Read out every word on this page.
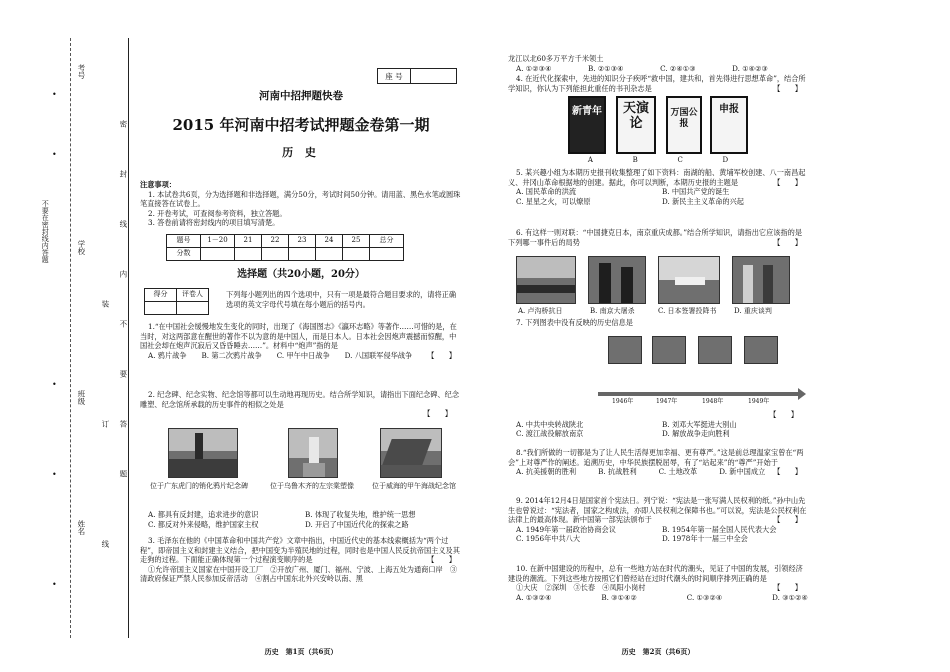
考号
学校
班级
姓名
不要在密封线内答题
密
封
线
内
不
要
答
题
装
订
线
•
•
•
•
•
座 号
河南中招押题快卷
2015 年河南中招考试押题金卷第一期
历 史
注意事项：

1. 本试卷共6页，分为选择题和非选择题，满分50分，考试时间50分钟。请用蓝、黑色水笔或圆珠笔直接答在试卷上。

2. 开卷考试，可查阅参考资料，独立答题。

3. 答卷前请将密封线内的项目填写清楚。

题号	1－20	21	22	23	24	25	总分
分数							
选择题（共20小题，20分）
得分	评卷人
		下列每小题列出的四个选项中，只有一项是最符合题目要求的，请将正确选项的英文字母代号填在每小题后的括号内。

1.“在中国社会缓慢地发生变化的同时，出现了《海国图志》《瀛环志略》等著作……可惜的是，在当时，对这两部意在醒世的著作不以为意的是中国人，而是日本人。日本社会因炮声震撼而惊醒，中国社会却在炮声沉寂后又昏昏睡去……”。材料中“炮声”指的是

A. 鸦片战争 B. 第二次鸦片战争 C. 甲午中日战争 D. 八国联军侵华战争 【　　】

2. 纪念碑、纪念实物、纪念馆等都可以生动地再现历史。结合所学知识，请指出下面纪念碑、纪念雕塑、纪念馆所承载的历史事件的相似之处是

【　　】
位于广东虎门的销化鸦片纪念碑	位于乌鲁木齐的左宗棠塑像	位于威海的甲午海战纪念馆
A. 都具有反封建，追求进步的意识	B. 体现了收复失地，维护统一思想
C. 都反对外来侵略，维护国家主权	D. 开启了中国近代化的探索之路

3. 毛泽东在他的《中国革命和中国共产党》文章中指出，中国近代史的基本线索概括为“两个过程”，即帝国主义和封建主义结合，把中国变为半殖民地的过程，同时也是中国人民反抗帝国主义及其走狗的过程。下面能正确体现第一个过程演变顺序的是	【　　】

①允许帝国主义国家在中国开设工厂　②开放广州、厦门、福州、宁波、上海五处为通商口岸　③清政府保证严禁人民参加反帝活动　④割占中国东北外兴安岭以南、黑

历史　第1页（共6页）
龙江以北60多万平方千米领土
A. ①②③④	B. ②①③④	C. ②④①③	D. ①④②③

4. 在近代化探索中，先进的知识分子疾呼“救中国，建共和，首先得进行思想革命”，结合所学知识，你认为下列能担此重任的书刊杂志是	【　　】

新青年	天演论
万国公报
申报
A	B	C	D

5. 某兴趣小组为本期历史报刊收集整理了如下资料：南湖的船、黄埔军校创建、八一南昌起义、井冈山革命根据地的创建。据此，你可以判断，本期历史报的主题是	【　　】

A. 国民革命的洪流	B. 中国共产党的诞生
C. 星星之火，可以燎原	D. 新民主主义革命的兴起

6. 有这样一则对联：“中国捷克日本，南京重庆成都。”结合所学知识，请指出它应该指的是下列哪一事件后的局势	【　　】

A. 卢沟桥抗日	B. 南京大屠杀	C. 日本签署投降书 D. 重庆谈判

7. 下列图表中没有反映的历史信息是

1946年	1947年	1948年	1949年
【　　】
A. 中共中央转战陕北	B. 刘邓大军挺进大别山
C. 渡江战役解放南京	D. 解放战争走向胜利

8.“我们所做的一切都是为了让人民生活得更加幸福、更有尊严。”这是前总理温家宝曾在“两会”上对尊严作的阐述。追溯历史，中华民族摆脱屈辱，有了“站起来”的“尊严”开始于
【　　】

A. 抗美援朝的胜利	B. 抗战胜利	C. 土地改革	D. 新中国成立

9. 2014年12月4日是国家首个宪法日。列宁说：“宪法是一张写满人民权利的纸。”孙中山先生也曾说过：“宪法者，国家之构成法，亦即人民权利之保障书也。”可以说，宪法是公民权利在法律上的最高体现。新中国第一部宪法颁布于	【　　】

A. 1949年第一届政治协商会议	B. 1954年第一届全国人民代表大会
C. 1956年中共八大	D. 1978年十一届三中全会

10. 在新中国建设的历程中，总有一些地方站在时代的潮头，见证了中国的发展，引领经济建设的潮流。下列这些地方按照它们曾经站在过时代潮头的时间顺序排列正确的是
【　　】

①大庆　②深圳　③长春　④凤阳小岗村

A. ①③②④	B. ③①④②	C. ①③②④	D. ③①②④
历史　第2页（共6页）
